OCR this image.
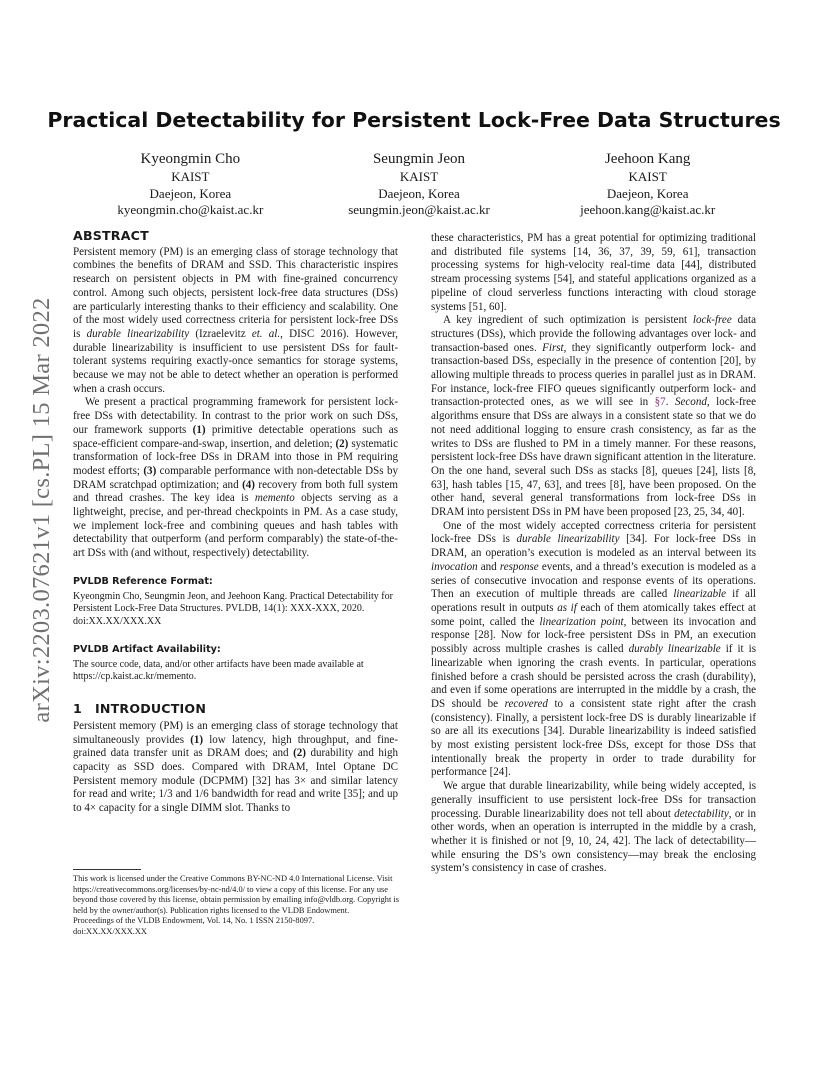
arXiv:2203.07621v1 [cs.PL] 15 Mar 2022
Practical Detectability for Persistent Lock-Free Data Structures
Kyeongmin Cho
KAIST
Daejeon, Korea
kyeongmin.cho@kaist.ac.kr
Seungmin Jeon
KAIST
Daejeon, Korea
seungmin.jeon@kaist.ac.kr
Jeehoon Kang
KAIST
Daejeon, Korea
jeehoon.kang@kaist.ac.kr
ABSTRACT

Persistent memory (PM) is an emerging class of storage technology that combines the benefits of DRAM and SSD. This characteristic inspires research on persistent objects in PM with fine-grained concurrency control. Among such objects, persistent lock-free data structures (DSs) are particularly interesting thanks to their efficiency and scalability. One of the most widely used correctness criteria for persistent lock-free DSs is durable linearizability (Izraelevitz et. al., DISC 2016). However, durable linearizability is insufficient to use persistent DSs for fault-tolerant systems requiring exactly-once semantics for storage systems, because we may not be able to detect whether an operation is performed when a crash occurs.

We present a practical programming framework for persistent lock-free DSs with detectability. In contrast to the prior work on such DSs, our framework supports (1) primitive detectable operations such as space-efficient compare-and-swap, insertion, and deletion; (2) systematic transformation of lock-free DSs in DRAM into those in PM requiring modest efforts; (3) comparable performance with non-detectable DSs by DRAM scratchpad optimization; and (4) recovery from both full system and thread crashes. The key idea is memento objects serving as a lightweight, precise, and per-thread checkpoints in PM. As a case study, we implement lock-free and combining queues and hash tables with detectability that outperform (and perform comparably) the state-of-the-art DSs with (and without, respectively) detectability.

PVLDB Reference Format:
Kyeongmin Cho, Seungmin Jeon, and Jeehoon Kang. Practical Detectability for Persistent Lock-Free Data Structures. PVLDB, 14(1): XXX-XXX, 2020.
doi:XX.XX/XXX.XX
PVLDB Artifact Availability:
The source code, data, and/or other artifacts have been made available at https://cp.kaist.ac.kr/memento.
1 INTRODUCTION

Persistent memory (PM) is an emerging class of storage technology that simultaneously provides (1) low latency, high throughput, and fine-grained data transfer unit as DRAM does; and (2) durability and high capacity as SSD does. Compared with DRAM, Intel Optane DC Persistent memory module (DCPMM) [32] has 3× and similar latency for read and write; 1/3 and 1/6 bandwidth for read and write [35]; and up to 4× capacity for a single DIMM slot. Thanks to

This work is licensed under the Creative Commons BY-NC-ND 4.0 International License. Visit https://creativecommons.org/licenses/by-nc-nd/4.0/ to view a copy of this license. For any use beyond those covered by this license, obtain permission by emailing info@vldb.org. Copyright is held by the owner/author(s). Publication rights licensed to the VLDB Endowment.

Proceedings of the VLDB Endowment, Vol. 14, No. 1 ISSN 2150-8097.

doi:XX.XX/XXX.XX

these characteristics, PM has a great potential for optimizing traditional and distributed file systems [14, 36, 37, 39, 59, 61], transaction processing systems for high-velocity real-time data [44], distributed stream processing systems [54], and stateful applications organized as a pipeline of cloud serverless functions interacting with cloud storage systems [51, 60].

A key ingredient of such optimization is persistent lock-free data structures (DSs), which provide the following advantages over lock- and transaction-based ones. First, they significantly outperform lock- and transaction-based DSs, especially in the presence of contention [20], by allowing multiple threads to process queries in parallel just as in DRAM. For instance, lock-free FIFO queues significantly outperform lock- and transaction-protected ones, as we will see in §7. Second, lock-free algorithms ensure that DSs are always in a consistent state so that we do not need additional logging to ensure crash consistency, as far as the writes to DSs are flushed to PM in a timely manner. For these reasons, persistent lock-free DSs have drawn significant attention in the literature. On the one hand, several such DSs as stacks [8], queues [24], lists [8, 63], hash tables [15, 47, 63], and trees [8], have been proposed. On the other hand, several general transformations from lock-free DSs in DRAM into persistent DSs in PM have been proposed [23, 25, 34, 40].

One of the most widely accepted correctness criteria for persistent lock-free DSs is durable linearizability [34]. For lock-free DSs in DRAM, an operation’s execution is modeled as an interval between its invocation and response events, and a thread’s execution is modeled as a series of consecutive invocation and response events of its operations. Then an execution of multiple threads are called linearizable if all operations result in outputs as if each of them atomically takes effect at some point, called the linearization point, between its invocation and response [28]. Now for lock-free persistent DSs in PM, an execution possibly across multiple crashes is called durably linearizable if it is linearizable when ignoring the crash events. In particular, operations finished before a crash should be persisted across the crash (durability), and even if some operations are interrupted in the middle by a crash, the DS should be recovered to a consistent state right after the crash (consistency). Finally, a persistent lock-free DS is durably linearizable if so are all its executions [34]. Durable linearizability is indeed satisfied by most existing persistent lock-free DSs, except for those DSs that intentionally break the property in order to trade durability for performance [24].

We argue that durable linearizability, while being widely accepted, is generally insufficient to use persistent lock-free DSs for transaction processing. Durable linearizability does not tell about detectability, or in other words, when an operation is interrupted in the middle by a crash, whether it is finished or not [9, 10, 24, 42]. The lack of detectability—while ensuring the DS’s own consistency—may break the enclosing system’s consistency in case of crashes.
